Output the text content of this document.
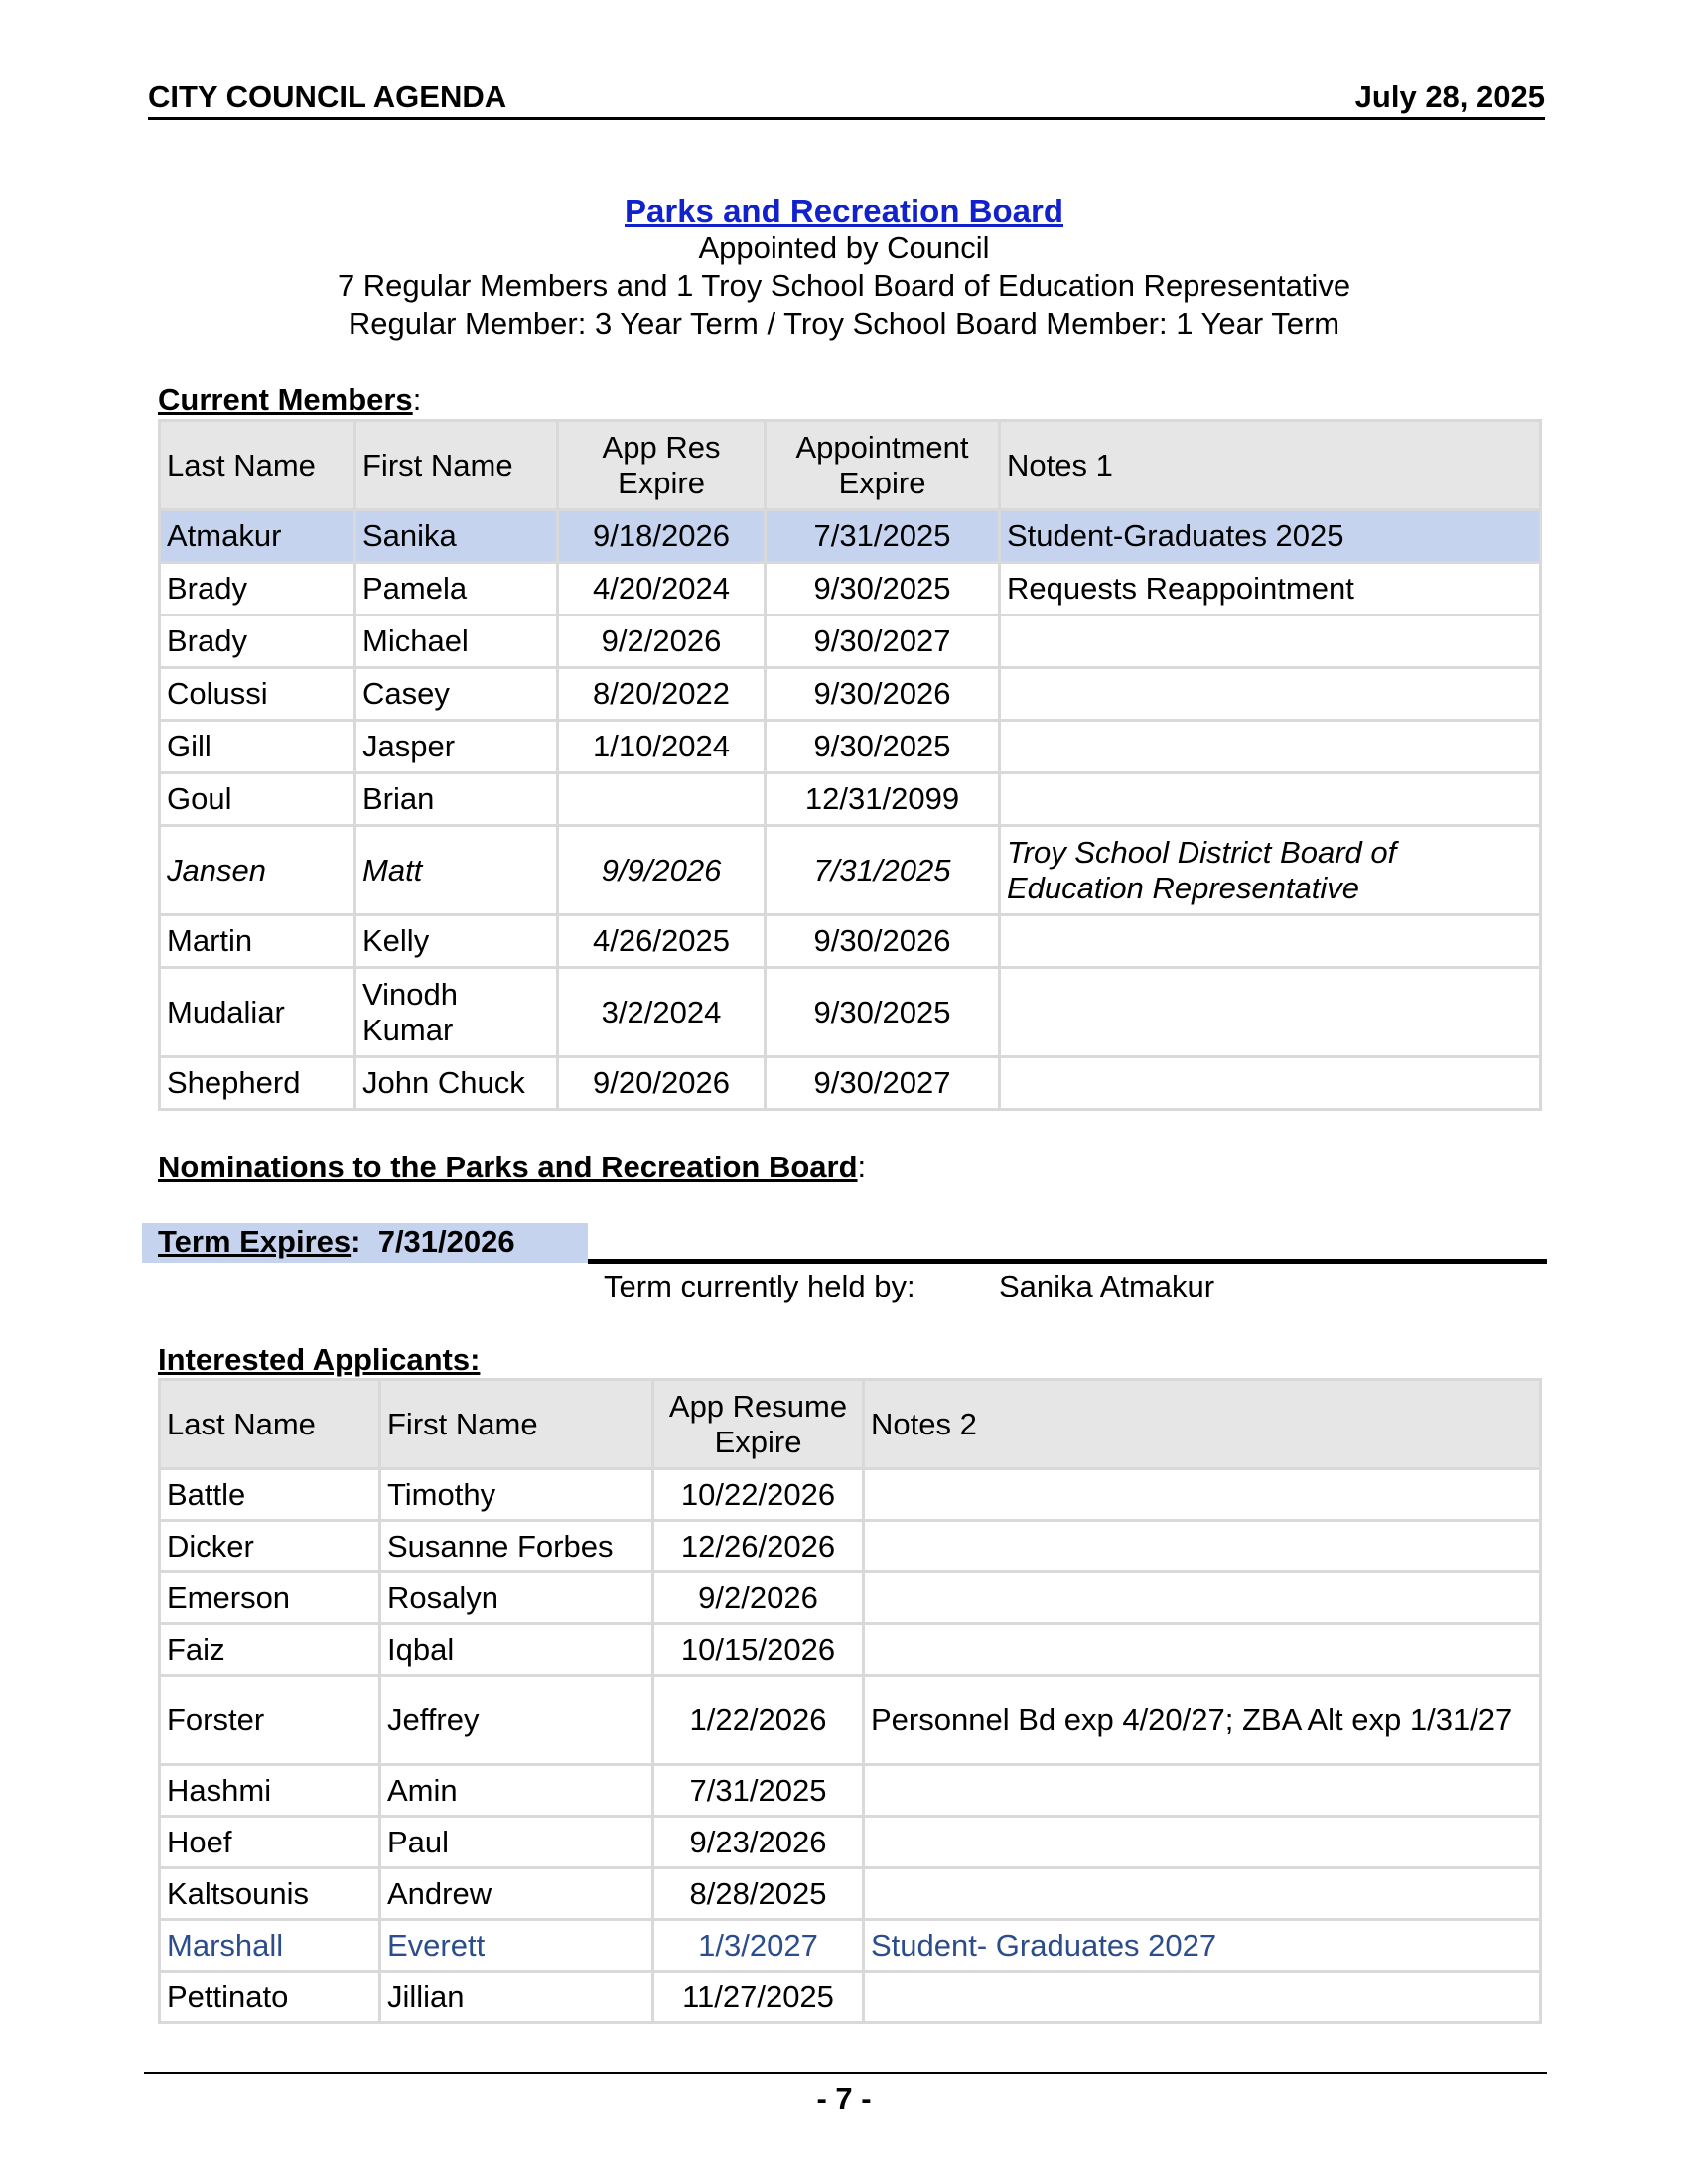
CITY COUNCIL AGENDA	July 28, 2025
Parks and Recreation Board
Appointed by Council
7 Regular Members and 1 Troy School Board of Education Representative
Regular Member: 3 Year Term / Troy School Board Member: 1 Year Term
Current Members:
Last Name	First Name	App Res Expire	Appointment Expire	Notes 1
Atmakur	Sanika	9/18/2026	7/31/2025	Student-Graduates 2025
Brady	Pamela	4/20/2024	9/30/2025	Requests Reappointment
Brady	Michael	9/2/2026	9/30/2027	
Colussi	Casey	8/20/2022	9/30/2026	
Gill	Jasper	1/10/2024	9/30/2025	
Goul	Brian		12/31/2099	
Jansen	Matt	9/9/2026	7/31/2025	Troy School District Board of Education Representative
Martin	Kelly	4/26/2025	9/30/2026	
Mudaliar	Vinodh Kumar	3/2/2024	9/30/2025	
Shepherd	John Chuck	9/20/2026	9/30/2027	
Nominations to the Parks and Recreation Board:
Term Expires:  7/31/2026
Term currently held by:	Sanika Atmakur
Interested Applicants:
Last Name	First Name	App Resume Expire	Notes 2
Battle	Timothy	10/22/2026	
Dicker	Susanne Forbes	12/26/2026	
Emerson	Rosalyn	9/2/2026	
Faiz	Iqbal	10/15/2026	
Forster	Jeffrey	1/22/2026	Personnel Bd exp 4/20/27; ZBA Alt exp 1/31/27
Hashmi	Amin	7/31/2025	
Hoef	Paul	9/23/2026	
Kaltsounis	Andrew	8/28/2025	
Marshall	Everett	1/3/2027	Student- Graduates 2027
Pettinato	Jillian	11/27/2025	
- 7 -
